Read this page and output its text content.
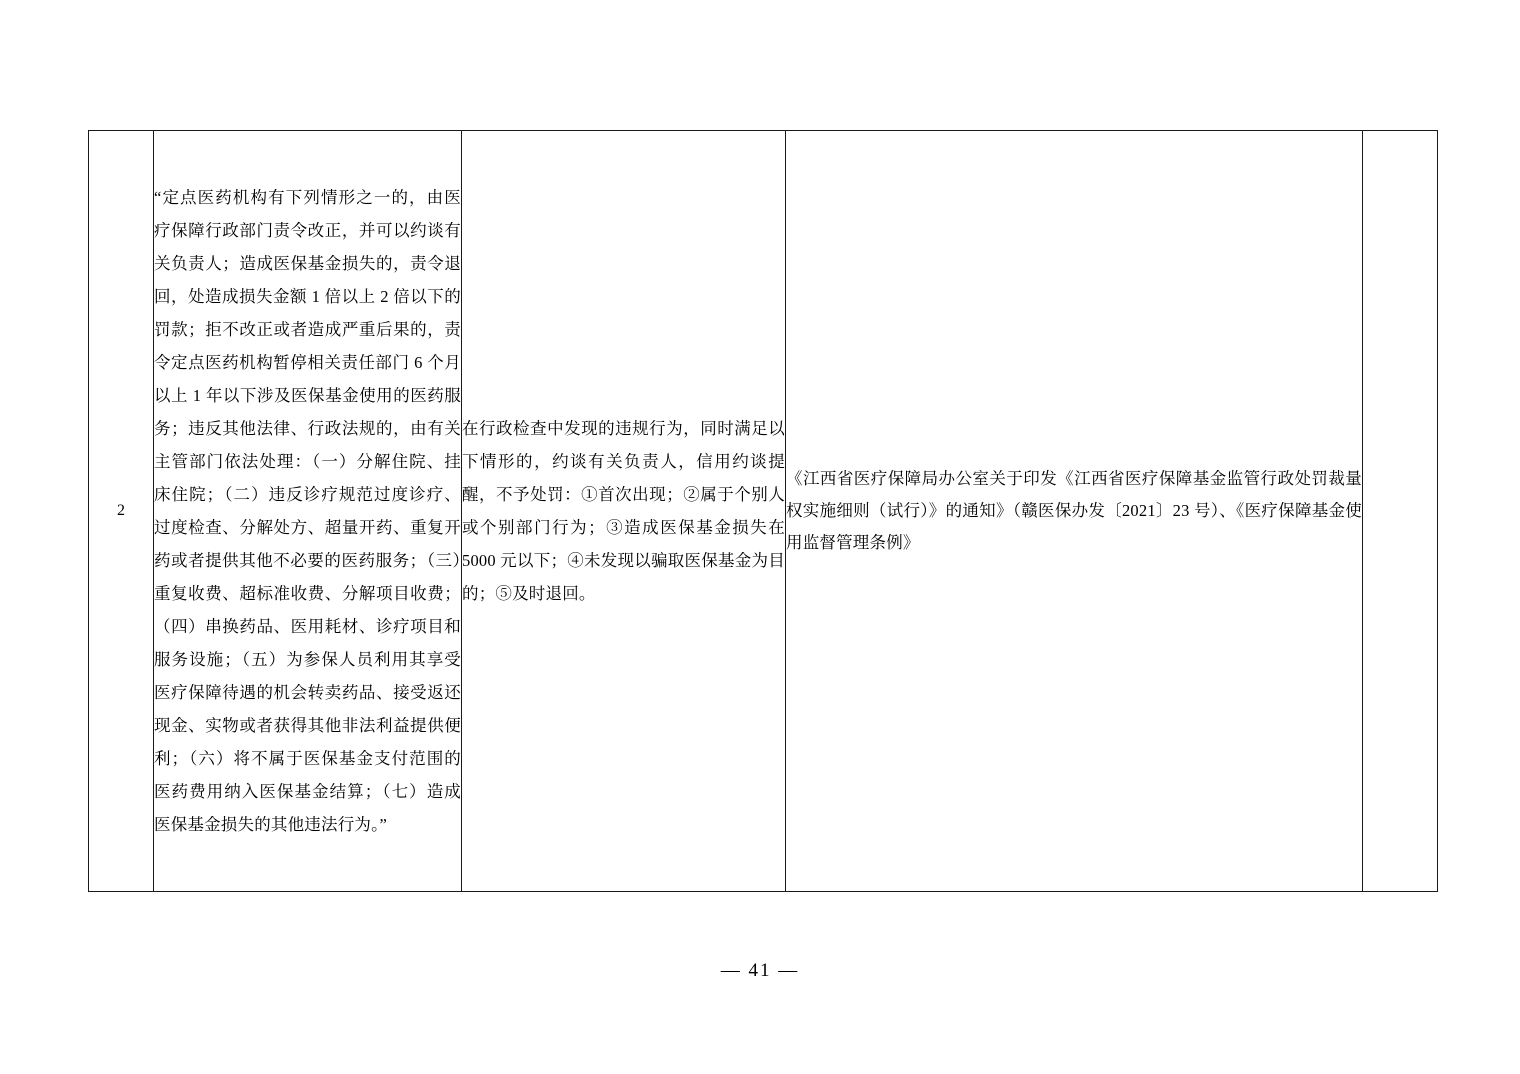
2	“定点医药机构有下列情形之一的，由医疗保障行政部门责令改正，并可以约谈有关负责人；造成医保基金损失的，责令退回，处造成损失金额 1 倍以上 2 倍以下的罚款；拒不改正或者造成严重后果的，责令定点医药机构暂停相关责任部门 6 个月以上 1 年以下涉及医保基金使用的医药服务；违反其他法律、行政法规的，由有关主管部门依法处理：（一）分解住院、挂床住院；（二）违反诊疗规范过度诊疗、过度检查、分解处方、超量开药、重复开药或者提供其他不必要的医药服务；（三）重复收费、超标准收费、分解项目收费；（四）串换药品、医用耗材、诊疗项目和服务设施；（五）为参保人员利用其享受医疗保障待遇的机会转卖药品、接受返还现金、实物或者获得其他非法利益提供便利；（六）将不属于医保基金支付范围的医药费用纳入医保基金结算；（七）造成医保基金损失的其他违法行为。”	在行政检查中发现的违规行为，同时满足以下情形的，约谈有关负责人，信用约谈提醒，不予处罚：①首次出现；②属于个别人或个别部门行为；③造成医保基金损失在 5000 元以下；④未发现以骗取医保基金为目的；⑤及时退回。	《江西省医疗保障局办公室关于印发《江西省医疗保障基金监管行政处罚裁量权实施细则（试行）》的通知》（赣医保办发〔2021〕23 号）、《医疗保障基金使用监督管理条例》	
— 41 —
